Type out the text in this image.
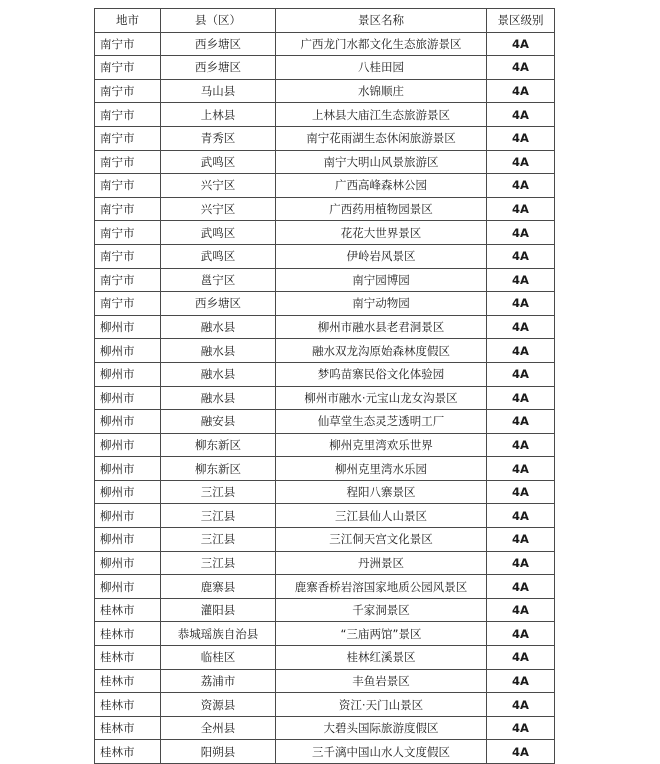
地市	县（区）	景区名称	景区级别
南宁市	西乡塘区	广西龙门水都文化生态旅游景区	4A
南宁市	西乡塘区	八桂田园	4A
南宁市	马山县	水锦顺庄	4A
南宁市	上林县	上林县大庙江生态旅游景区	4A
南宁市	青秀区	南宁花雨湖生态休闲旅游景区	4A
南宁市	武鸣区	南宁大明山风景旅游区	4A
南宁市	兴宁区	广西高峰森林公园	4A
南宁市	兴宁区	广西药用植物园景区	4A
南宁市	武鸣区	花花大世界景区	4A
南宁市	武鸣区	伊岭岩风景区	4A
南宁市	邕宁区	南宁园博园	4A
南宁市	西乡塘区	南宁动物园	4A
柳州市	融水县	柳州市融水县老君洞景区	4A
柳州市	融水县	融水双龙沟原始森林度假区	4A
柳州市	融水县	梦呜苗寨民俗文化体验园	4A
柳州市	融水县	柳州市融水·元宝山龙女沟景区	4A
柳州市	融安县	仙草堂生态灵芝透明工厂	4A
柳州市	柳东新区	柳州克里湾欢乐世界	4A
柳州市	柳东新区	柳州克里湾水乐园	4A
柳州市	三江县	程阳八寨景区	4A
柳州市	三江县	三江县仙人山景区	4A
柳州市	三江县	三江侗天宫文化景区	4A
柳州市	三江县	丹洲景区	4A
柳州市	鹿寨县	鹿寨香桥岩溶国家地质公园风景区	4A
桂林市	灌阳县	千家洞景区	4A
桂林市	恭城瑶族自治县	“三庙两馆”景区	4A
桂林市	临桂区	桂林红溪景区	4A
桂林市	荔浦市	丰鱼岩景区	4A
桂林市	资源县	资江·天门山景区	4A
桂林市	全州县	大碧头国际旅游度假区	4A
桂林市	阳朔县	三千漓中国山水人文度假区	4A
